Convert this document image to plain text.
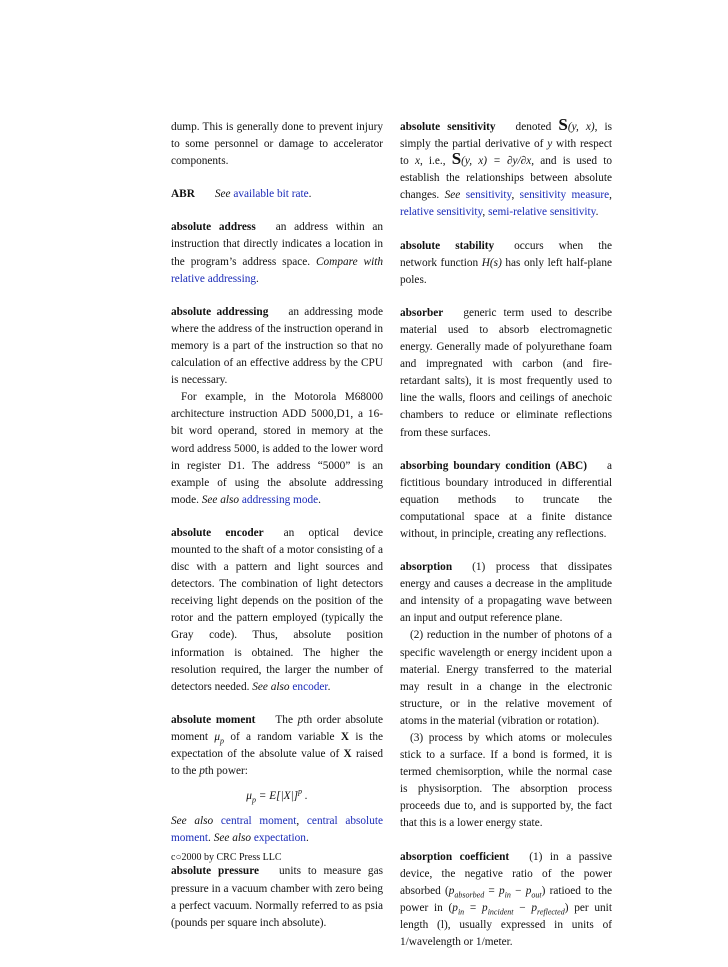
dump. This is generally done to prevent injury to some personnel or damage to accelerator components.

ABR See available bit rate.

absolute address an address within an instruction that directly indicates a location in the program’s address space. Compare with relative addressing.

absolute addressing an addressing mode where the address of the instruction operand in memory is a part of the instruction so that no calculation of an effective address by the CPU is necessary.

For example, in the Motorola M68000 architecture instruction ADD 5000,D1, a 16-bit word operand, stored in memory at the word address 5000, is added to the lower word in register D1. The address “5000” is an example of using the absolute addressing mode. See also addressing mode.

absolute encoder an optical device mounted to the shaft of a motor consisting of a disc with a pattern and light sources and detectors. The combination of light detectors receiving light depends on the position of the rotor and the pattern employed (typically the Gray code). Thus, absolute position information is obtained. The higher the resolution required, the larger the number of detectors needed. See also encoder.

absolute moment The pth order absolute moment $\mu_p$ of a random variable X is the expectation of the absolute value of X raised to the pth power:

$\mu_p = E[|X|]^p$ .

See also central moment, central absolute moment. See also expectation.

absolute pressure units to measure gas pressure in a vacuum chamber with zero being a perfect vacuum. Normally referred to as psia (pounds per square inch absolute).

absolute sensitivity denoted S(y, x), is simply the partial derivative of y with respect to x, i.e., S(y, x) = ∂y/∂x, and is used to establish the relationships between absolute changes. See sensitivity, sensitivity measure, relative sensitivity, semi-relative sensitivity.

absolute stability occurs when the network function H(s) has only left half-plane poles.

absorber generic term used to describe material used to absorb electromagnetic energy. Generally made of polyurethane foam and impregnated with carbon (and fire-retardant salts), it is most frequently used to line the walls, floors and ceilings of anechoic chambers to reduce or eliminate reflections from these surfaces.

absorbing boundary condition (ABC) a fictitious boundary introduced in differential equation methods to truncate the computational space at a finite distance without, in principle, creating any reflections.

absorption (1) process that dissipates energy and causes a decrease in the amplitude and intensity of a propagating wave between an input and output reference plane.

(2) reduction in the number of photons of a specific wavelength or energy incident upon a material. Energy transferred to the material may result in a change in the electronic structure, or in the relative movement of atoms in the material (vibration or rotation).

(3) process by which atoms or molecules stick to a surface. If a bond is formed, it is termed chemisorption, while the normal case is physisorption. The absorption process proceeds due to, and is supported by, the fact that this is a lower energy state.

absorption coefficient (1) in a passive device, the negative ratio of the power absorbed $(p_{absorbed} = p_{in} - p_{out})$ ratioed to the power in $(p_{in} = p_{incident} - p_{reflected})$ per unit length (l), usually expressed in units of 1/wavelength or 1/meter.

c○2000 by CRC Press LLC
